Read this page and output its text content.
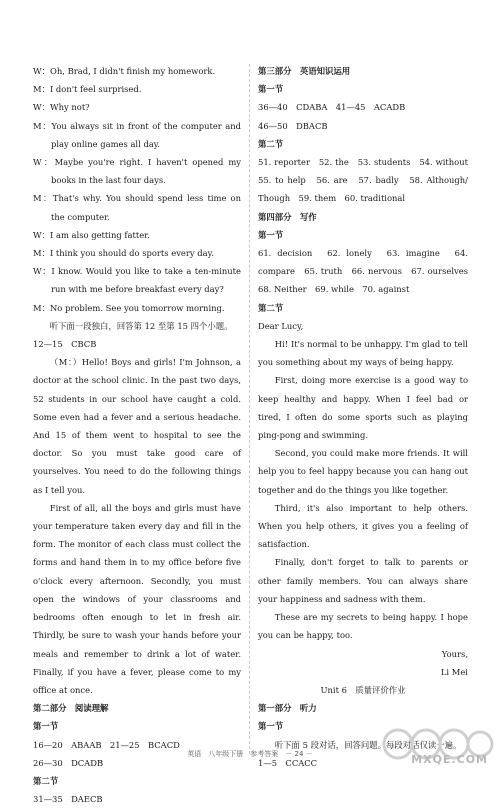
W：Oh, Brad, I didn't finish my homework.

M：I don't feel surprised.

W：Why not?

M：You always sit in front of the computer and play online games all day.

W：Maybe you're right. I haven't opened my books in the last four days.

M：That's why. You should spend less time on the computer.

W：I am also getting fatter.

M：I think you should do sports every day.

W：I know. Would you like to take a ten-minute run with me before breakfast every day?

M：No problem. See you tomorrow morning.

听下面一段独白，回答第 12 至第 15 四个小题。

12—15　CBCB

（M：）Hello! Boys and girls! I'm Johnson, a doctor at the school clinic. In the past two days, 52 students in our school have caught a cold. Some even had a fever and a serious headache. And 15 of them went to hospital to see the doctor. So you must take good care of yourselves. You need to do the following things as I tell you.

First of all, all the boys and girls must have your temperature taken every day and fill in the form. The monitor of each class must collect the forms and hand them in to my office before five o'clock every afternoon. Secondly, you must open the windows of your classrooms and bedrooms often enough to let in fresh air. Thirdly, be sure to wash your hands before your meals and remember to drink a lot of water. Finally, if you have a fever, please come to my office at once.

第二部分　阅读理解

第一节

16—20　ABAAB　21—25　BCACD

26—30　DCADB

第二节

31—35　DAECB

第三部分　英语知识运用

第一节

36—40　CDABA　41—45　ACADB

46—50　DBACB

第二节

51. reporter　52. the　53. students　54. without　55. to help　56. are　57. badly　58. Although/ Though　59. them　60. traditional

第四部分　写作

第一节

61. decision　62. lonely　63. imagine　64. compare　65. truth　66. nervous　67. ourselves　68. Neither　69. while　70. against

第二节

Dear Lucy,

Hi! It's normal to be unhappy. I'm glad to tell you something about my ways of being happy.

First, doing more exercise is a good way to keep healthy and happy. When I feel bad or tired, I often do some sports such as playing ping-pong and swimming.

Second, you could make more friends. It will help you to feel happy because you can hang out together and do the things you like together.

Third, it's also important to help others. When you help others, it gives you a feeling of satisfaction.

Finally, don't forget to talk to parents or other family members. You can always share your happiness and sadness with them.

These are my secrets to being happy. I hope you can be happy, too.

Yours,

Li Mei

Unit 6　质量评价作业

第一部分　听力

第一节

听下面 5 段对话，回答问题。每段对话仅读一遍。

1—5　CCACC

英语　八年级下册　参考答案　－ 24 －	MXQE.COM
